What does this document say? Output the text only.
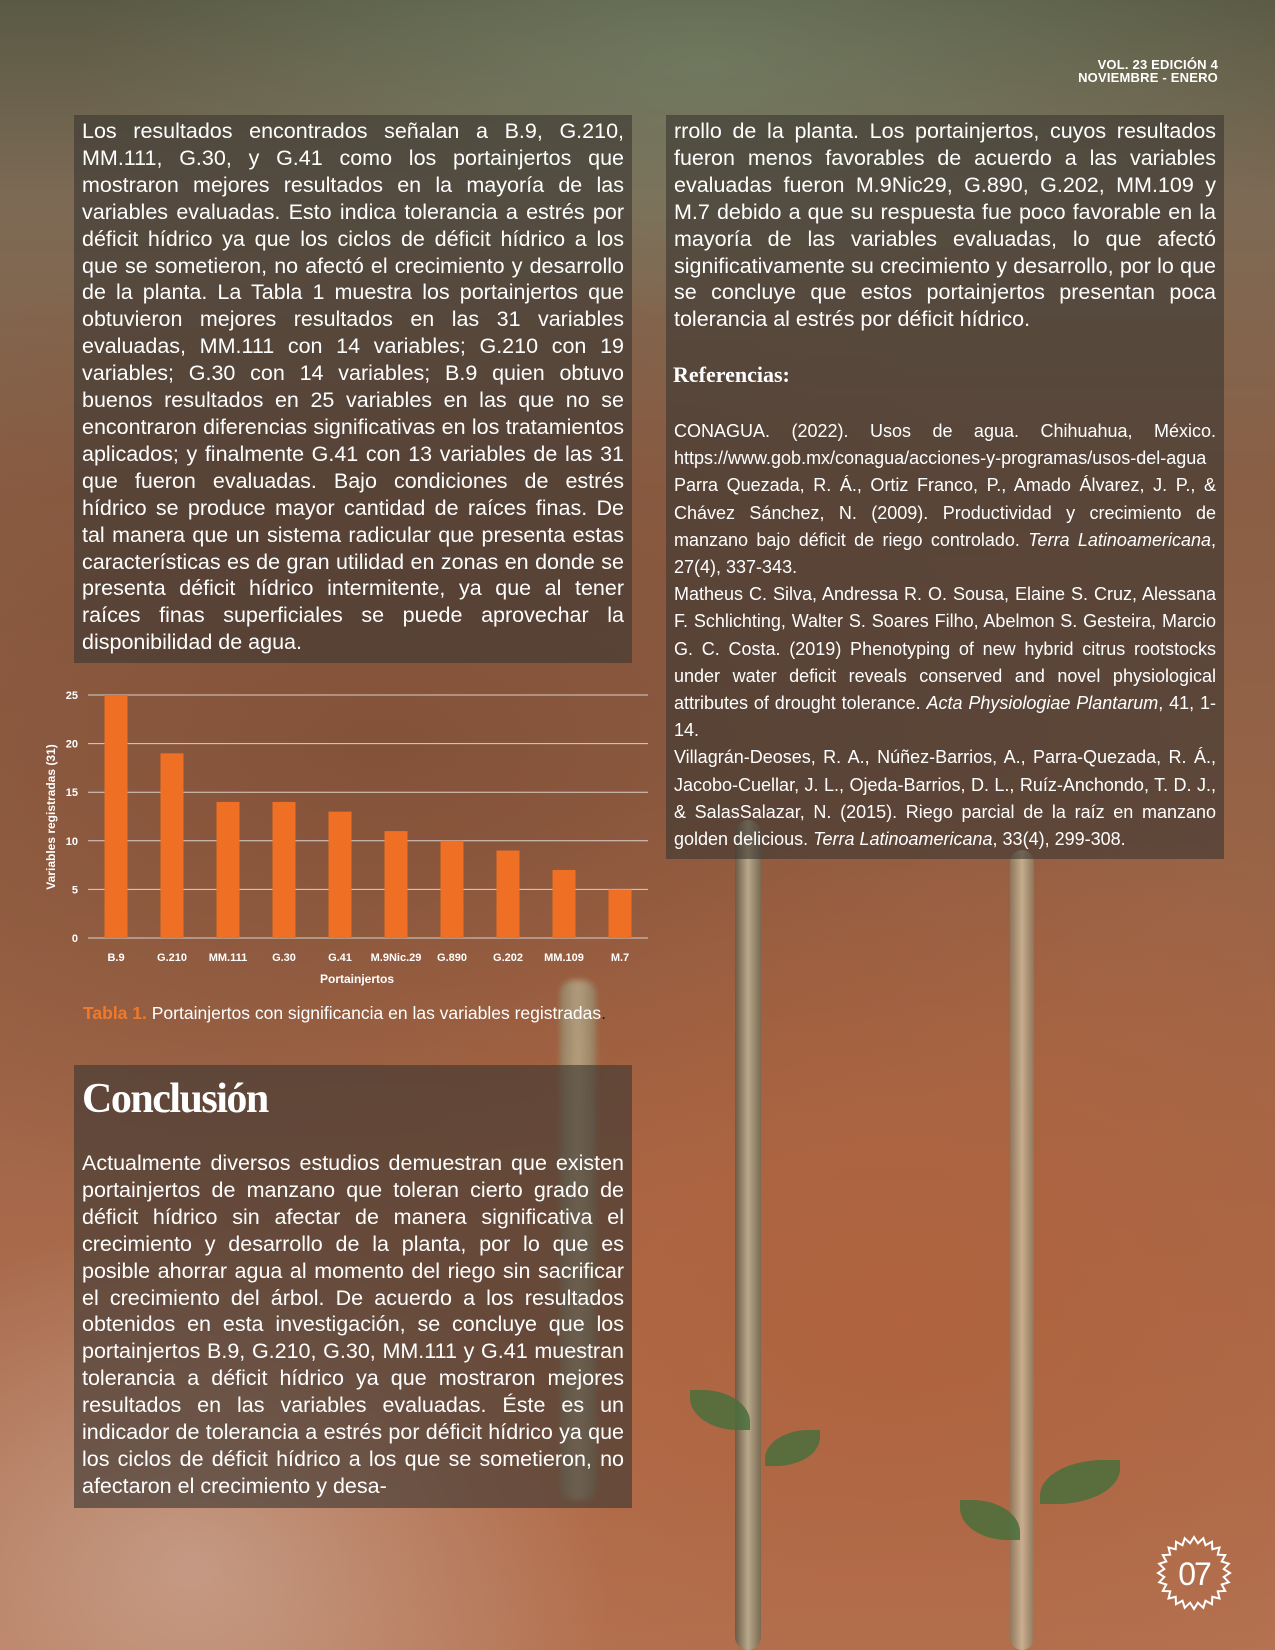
VOL. 23 EDICIÓN 4
NOVIEMBRE - ENERO

Los resultados encontrados señalan a B.9, G.210, MM.111, G.30, y G.41 como los portainjertos que mostraron mejores resultados en la mayoría de las variables evaluadas. Esto indica tolerancia a estrés por déficit hídrico ya que los ciclos de déficit hídrico a los que se sometieron, no afectó el crecimiento y desarrollo de la planta. La Tabla 1 muestra los portainjertos que obtuvieron mejores resultados en las 31 variables evaluadas, MM.111 con 14 variables; G.210 con 19 variables; G.30 con 14 variables; B.9 quien obtuvo buenos resultados en 25 variables en las que no se encontraron diferencias significativas en los tratamientos aplicados; y finalmente G.41 con 13 variables de las 31 que fueron evaluadas. Bajo condiciones de estrés hídrico se produce mayor cantidad de raíces finas. De tal manera que un sistema radicular que presenta estas características es de gran utilidad en zonas en donde se presenta déficit hídrico intermitente, ya que al tener raíces finas superficiales se puede aprovechar la disponibilidad de agua.

rrollo de la planta. Los portainjertos, cuyos resultados fueron menos favorables de acuerdo a las variables evaluadas fueron M.9Nic29, G.890, G.202, MM.109 y M.7 debido a que su respuesta fue poco favorable en la mayoría de las variables evaluadas, lo que afectó significativamente su crecimiento y desarrollo, por lo que se concluye que estos portainjertos presentan poca tolerancia al estrés por déficit hídrico.

Referencias:

CONAGUA. (2022). Usos de agua. Chihuahua, México. https://www.gob.mx/conagua/acciones-y-programas/usos-del-agua

Parra Quezada, R. Á., Ortiz Franco, P., Amado Álvarez, J. P., & Chávez Sánchez, N. (2009). Productividad y crecimiento de manzano bajo déficit de riego controlado. Terra Latinoamericana, 27(4), 337-343.

Matheus C. Silva, Andressa R. O. Sousa, Elaine S. Cruz, Alessana F. Schlichting, Walter S. Soares Filho, Abelmon S. Gesteira, Marcio G. C. Costa. (2019) Phenotyping of new hybrid citrus rootstocks under water deficit reveals conserved and novel physiological attributes of drought tolerance. Acta Physiologiae Plantarum, 41, 1-14.

Villagrán-Deoses, R. A., Núñez-Barrios, A., Parra-Quezada, R. Á., Jacobo-Cuellar, J. L., Ojeda-Barrios, D. L., Ruíz-Anchondo, T. D. J., & SalasSalazar, N. (2015). Riego parcial de la raíz en manzano golden delicious. Terra Latinoamericana, 33(4), 299-308.

0
5
10
15
20
25
B.9	G.210 MM.111 G.30	G.41 M.9Nic.29 G.890 G.202 MM.109 M.7
Portainjertos
Variables registradas (31)
Tabla 1. Portainjertos con significancia en las variables registradas.
Conclusión

Actualmente diversos estudios demuestran que existen portainjertos de manzano que toleran cierto grado de déficit hídrico sin afectar de manera significativa el crecimiento y desarrollo de la planta, por lo que es posible ahorrar agua al momento del riego sin sacrificar el crecimiento del árbol. De acuerdo a los resultados obtenidos en esta investigación, se concluye que los portainjertos B.9, G.210, G.30, MM.111 y G.41 muestran tolerancia a déficit hídrico ya que mostraron mejores resultados en las variables evaluadas. Éste es un indicador de tolerancia a estrés por déficit hídrico ya que los ciclos de déficit hídrico a los que se sometieron, no afectaron el crecimiento y desa-

07
